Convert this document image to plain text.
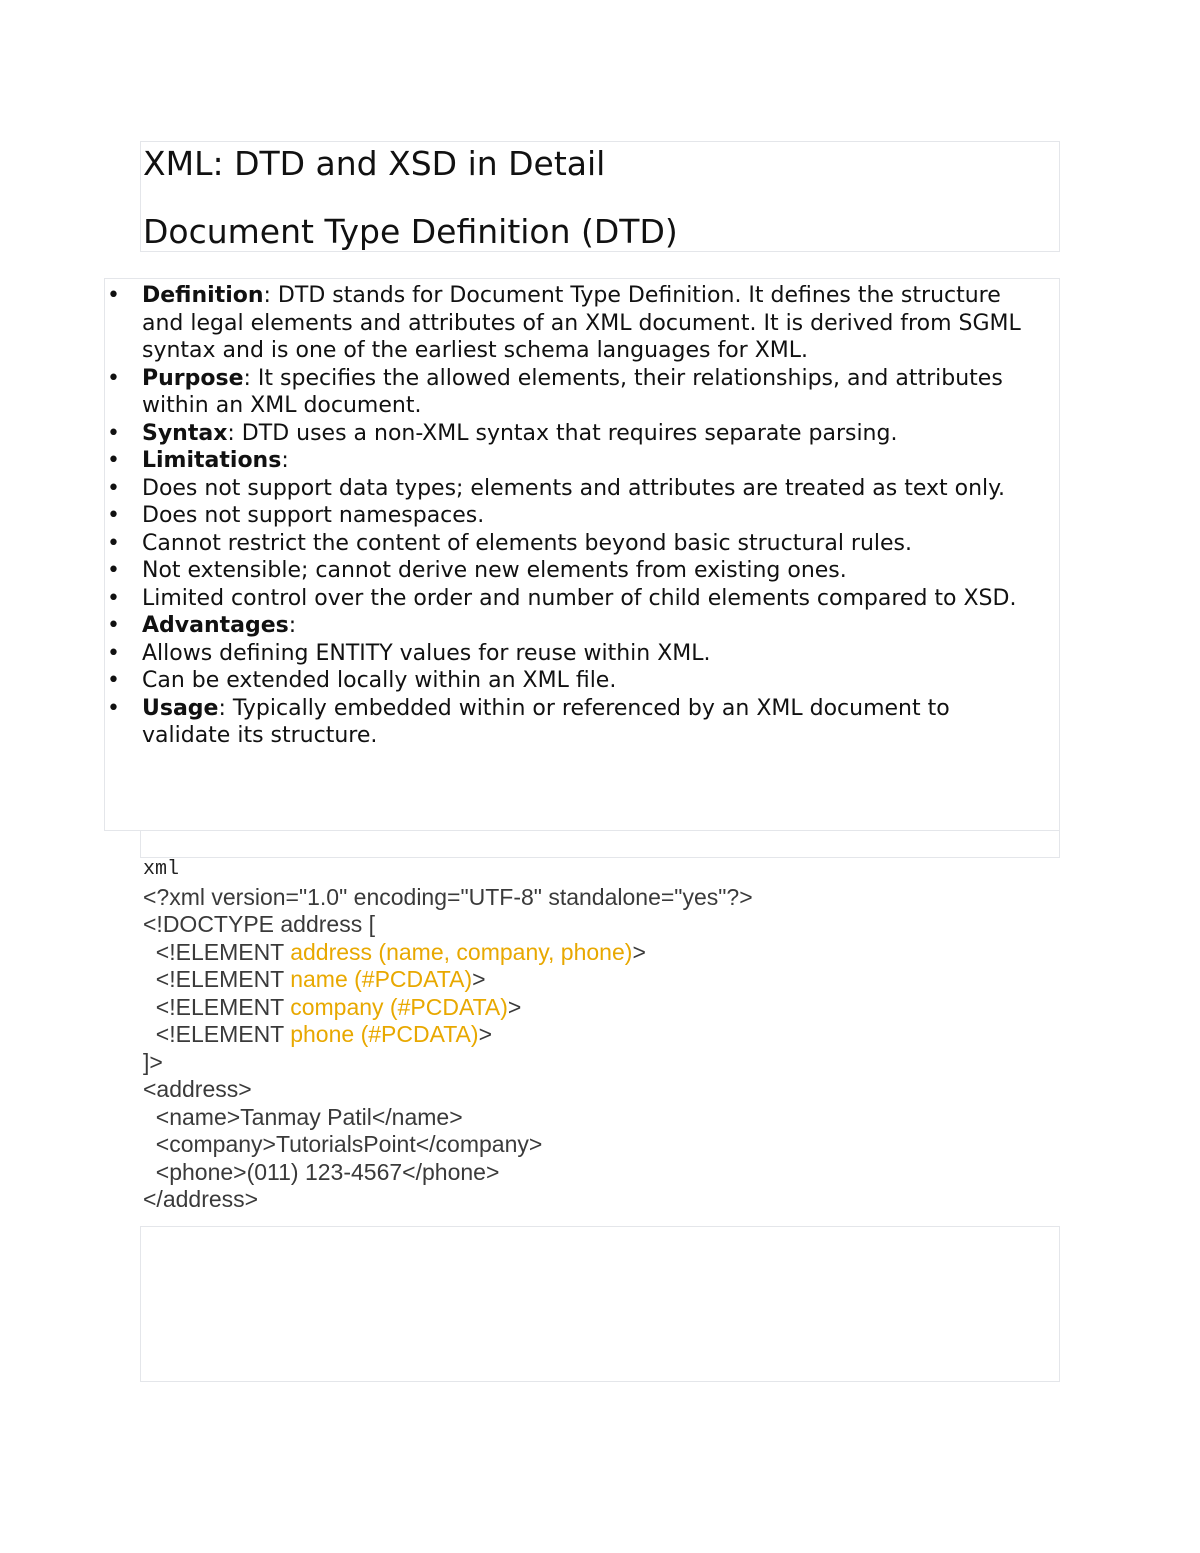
XML: DTD and XSD in Detail
Document Type Definition (DTD)
• Definition: DTD stands for Document Type Definition. It defines the structure and legal elements and attributes of an XML document. It is derived from SGML syntax and is one of the earliest schema languages for XML.
• Purpose: It specifies the allowed elements, their relationships, and attributes within an XML document.
• Syntax: DTD uses a non-XML syntax that requires separate parsing.
• Limitations:
• Does not support data types; elements and attributes are treated as text only.
• Does not support namespaces.
• Cannot restrict the content of elements beyond basic structural rules.
• Not extensible; cannot derive new elements from existing ones.
• Limited control over the order and number of child elements compared to XSD.
• Advantages:
• Allows defining ENTITY values for reuse within XML.
• Can be extended locally within an XML file.
• Usage: Typically embedded within or referenced by an XML document to validate its structure.
xml
<?xml version="1.0" encoding="UTF-8" standalone="yes"?>
<!DOCTYPE address [
<!ELEMENT address (name, company, phone)>
<!ELEMENT name (#PCDATA)>
<!ELEMENT company (#PCDATA)>
<!ELEMENT phone (#PCDATA)>
]>
<address>
<name>Tanmay Patil</name>
<company>TutorialsPoint</company>
<phone>(011) 123-4567</phone>
</address>
